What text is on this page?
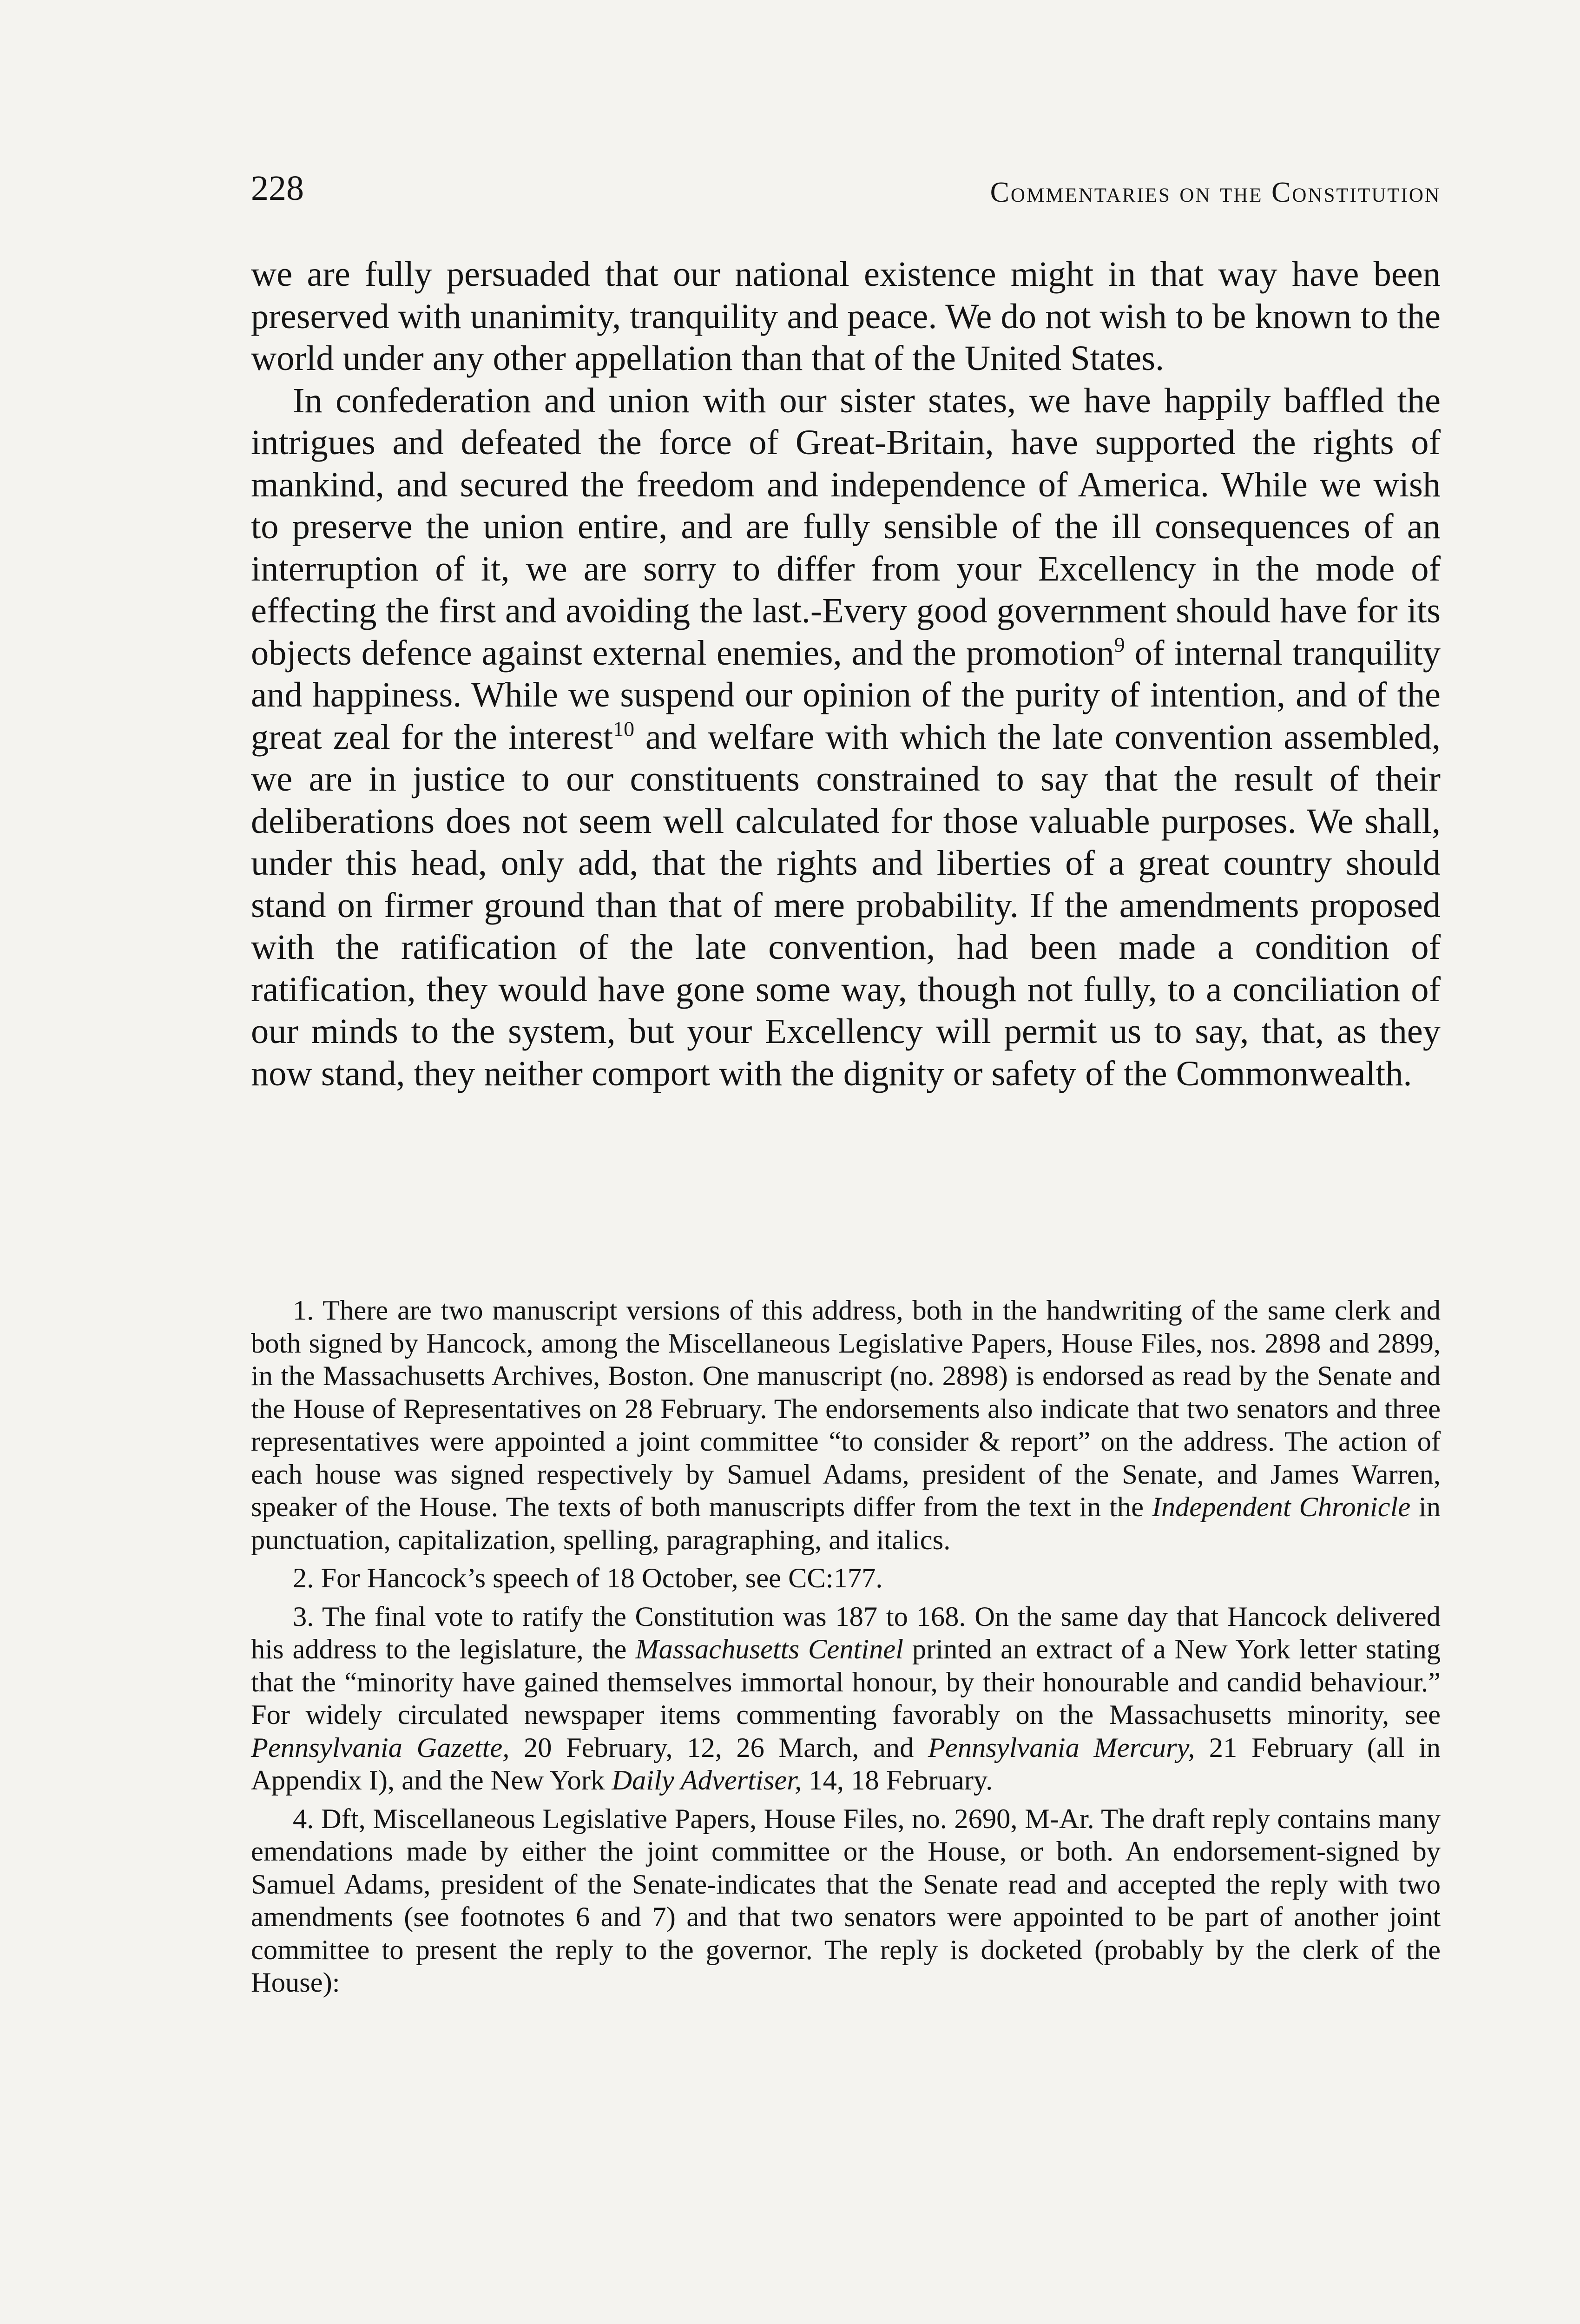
228	Commentaries on the Constitution

we are fully persuaded that our national existence might in that way have been preserved with unanimity, tranquility and peace. We do not wish to be known to the world under any other appellation than that of the United States.

In confederation and union with our sister states, we have happily baffled the intrigues and defeated the force of Great-Britain, have supported the rights of mankind, and secured the freedom and independence of America. While we wish to preserve the union entire, and are fully sensible of the ill consequences of an interruption of it, we are sorry to differ from your Excellency in the mode of effecting the first and avoiding the last.-Every good government should have for its objects defence against external enemies, and the promotion$^9$ of internal tranquility and happiness. While we suspend our opinion of the purity of intention, and of the great zeal for the interest$^{10}$ and welfare with which the late convention assembled, we are in justice to our constituents constrained to say that the result of their deliberations does not seem well calculated for those valuable purposes. We shall, under this head, only add, that the rights and liberties of a great country should stand on firmer ground than that of mere probability. If the amendments proposed with the ratification of the late convention, had been made a condition of ratification, they would have gone some way, though not fully, to a conciliation of our minds to the system, but your Excellency will permit us to say, that, as they now stand, they neither comport with the dignity or safety of the Commonwealth.

1. There are two manuscript versions of this address, both in the handwriting of the same clerk and both signed by Hancock, among the Miscellaneous Legislative Papers, House Files, nos. 2898 and 2899, in the Massachusetts Archives, Boston. One manuscript (no. 2898) is endorsed as read by the Senate and the House of Representatives on 28 February. The endorsements also indicate that two senators and three representatives were appointed a joint committee “to consider & report” on the address. The action of each house was signed respectively by Samuel Adams, president of the Senate, and James Warren, speaker of the House. The texts of both manuscripts differ from the text in the Independent Chronicle in punctuation, capitalization, spelling, paragraphing, and italics.

2. For Hancock’s speech of 18 October, see CC:177.

3. The final vote to ratify the Constitution was 187 to 168. On the same day that Hancock delivered his address to the legislature, the Massachusetts Centinel printed an extract of a New York letter stating that the “minority have gained themselves immortal honour, by their honourable and candid behaviour.” For widely circulated newspaper items commenting favorably on the Massachusetts minority, see Pennsylvania Gazette, 20 February, 12, 26 March, and Pennsylvania Mercury, 21 February (all in Appendix I), and the New York Daily Advertiser, 14, 18 February.

4. Dft, Miscellaneous Legislative Papers, House Files, no. 2690, M-Ar. The draft reply contains many emendations made by either the joint committee or the House, or both. An endorsement-signed by Samuel Adams, president of the Senate-indicates that the Senate read and accepted the reply with two amendments (see footnotes 6 and 7) and that two senators were appointed to be part of another joint committee to present the reply to the governor. The reply is docketed (probably by the clerk of the House):
